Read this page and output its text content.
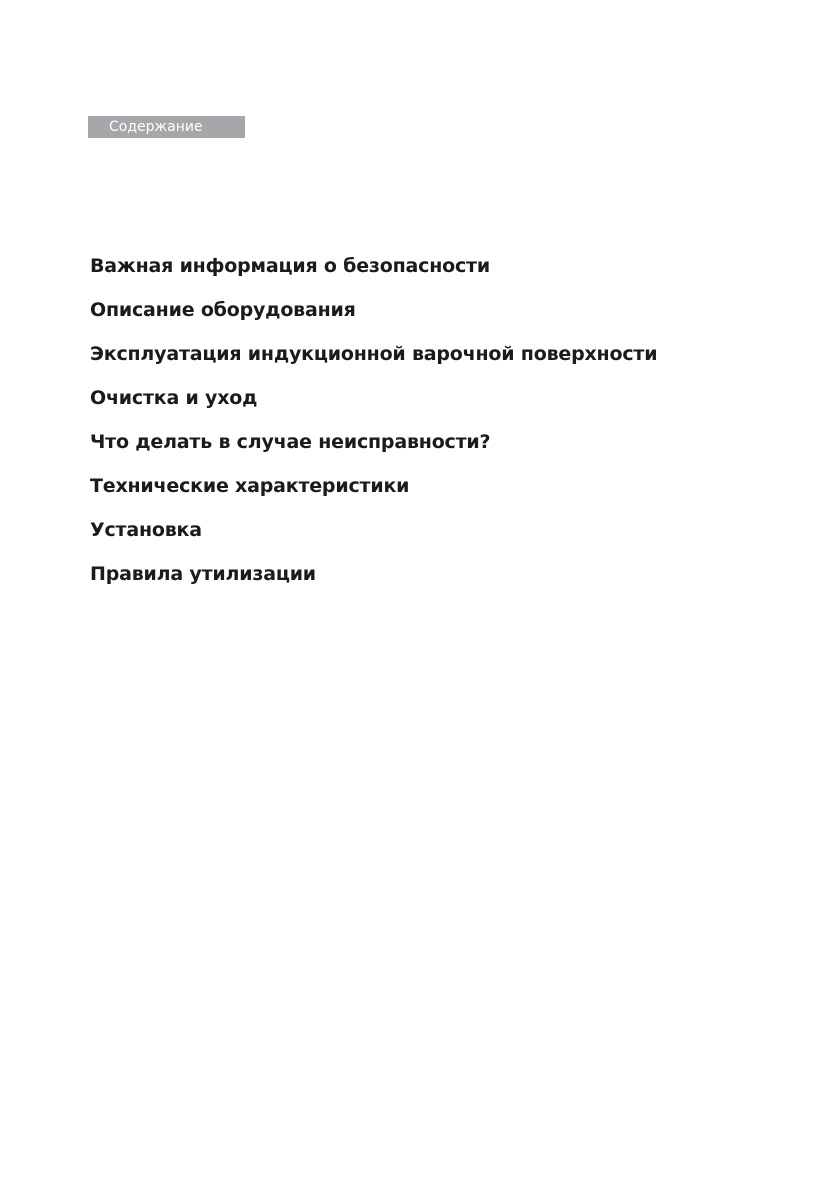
Содержание
Важная информация о безопасности
Описание оборудования
Эксплуатация индукционной варочной поверхности
Очистка и уход
Что делать в случае неисправности?
Технические характеристики
Установка
Правила утилизации
